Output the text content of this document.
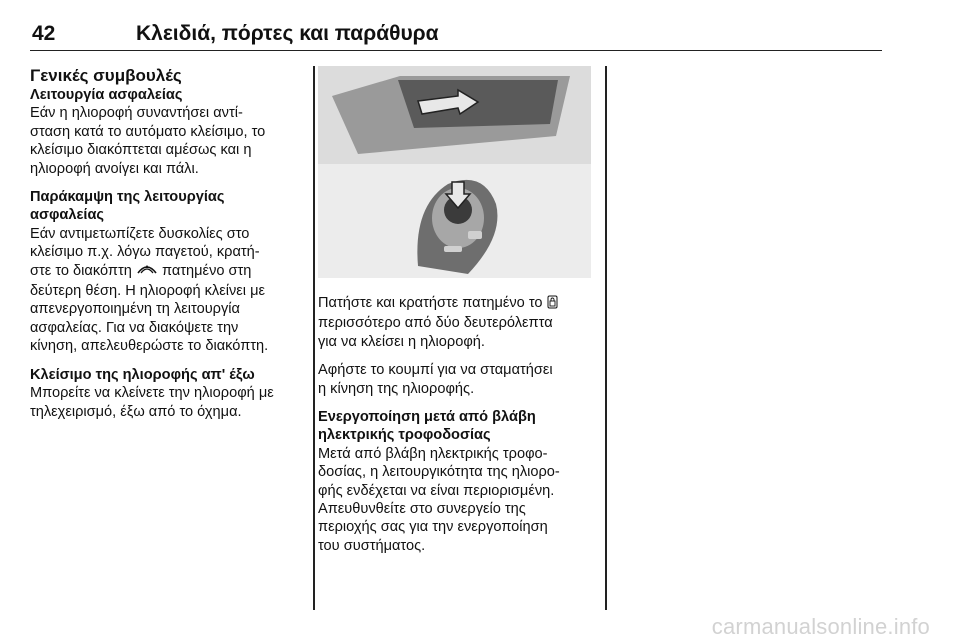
42	Κλειδιά, πόρτες και παράθυρα

Γενικές συμβουλές

Λειτουργία ασφαλείας

Εάν η ηλιοροφή συναντήσει αντί-
σταση κατά το αυτόματο κλείσιμο, το
κλείσιμο διακόπτεται αμέσως και η
ηλιοροφή ανοίγει και πάλι.

Παράκαμψη της λειτουργίας
ασφαλείας

Εάν αντιμετωπίζετε δυσκολίες στο
κλείσιμο π.χ. λόγω παγετού, κρατή-
στε το διακόπτη πατημένο στη
δεύτερη θέση. Η ηλιοροφή κλείνει με
απενεργοποιημένη τη λειτουργία
ασφαλείας. Για να διακόψετε την
κίνηση, απελευθερώστε το διακόπτη.

Κλείσιμο της ηλιοροφής απ' έξω

Μπορείτε να κλείνετε την ηλιοροφή με
τηλεχειρισμό, έξω από το όχημα.

Πατήστε και κρατήστε πατημένο το
περισσότερο από δύο δευτερόλεπτα
για να κλείσει η ηλιοροφή.

Αφήστε το κουμπί για να σταματήσει
η κίνηση της ηλιοροφής.

Ενεργοποίηση μετά από βλάβη
ηλεκτρικής τροφοδοσίας

Μετά από βλάβη ηλεκτρικής τροφο-
δοσίας, η λειτουργικότητα της ηλιορο-
φής ενδέχεται να είναι περιορισμένη.
Απευθυνθείτε στο συνεργείο της
περιοχής σας για την ενεργοποίηση
του συστήματος.

carmanualsonline.info
